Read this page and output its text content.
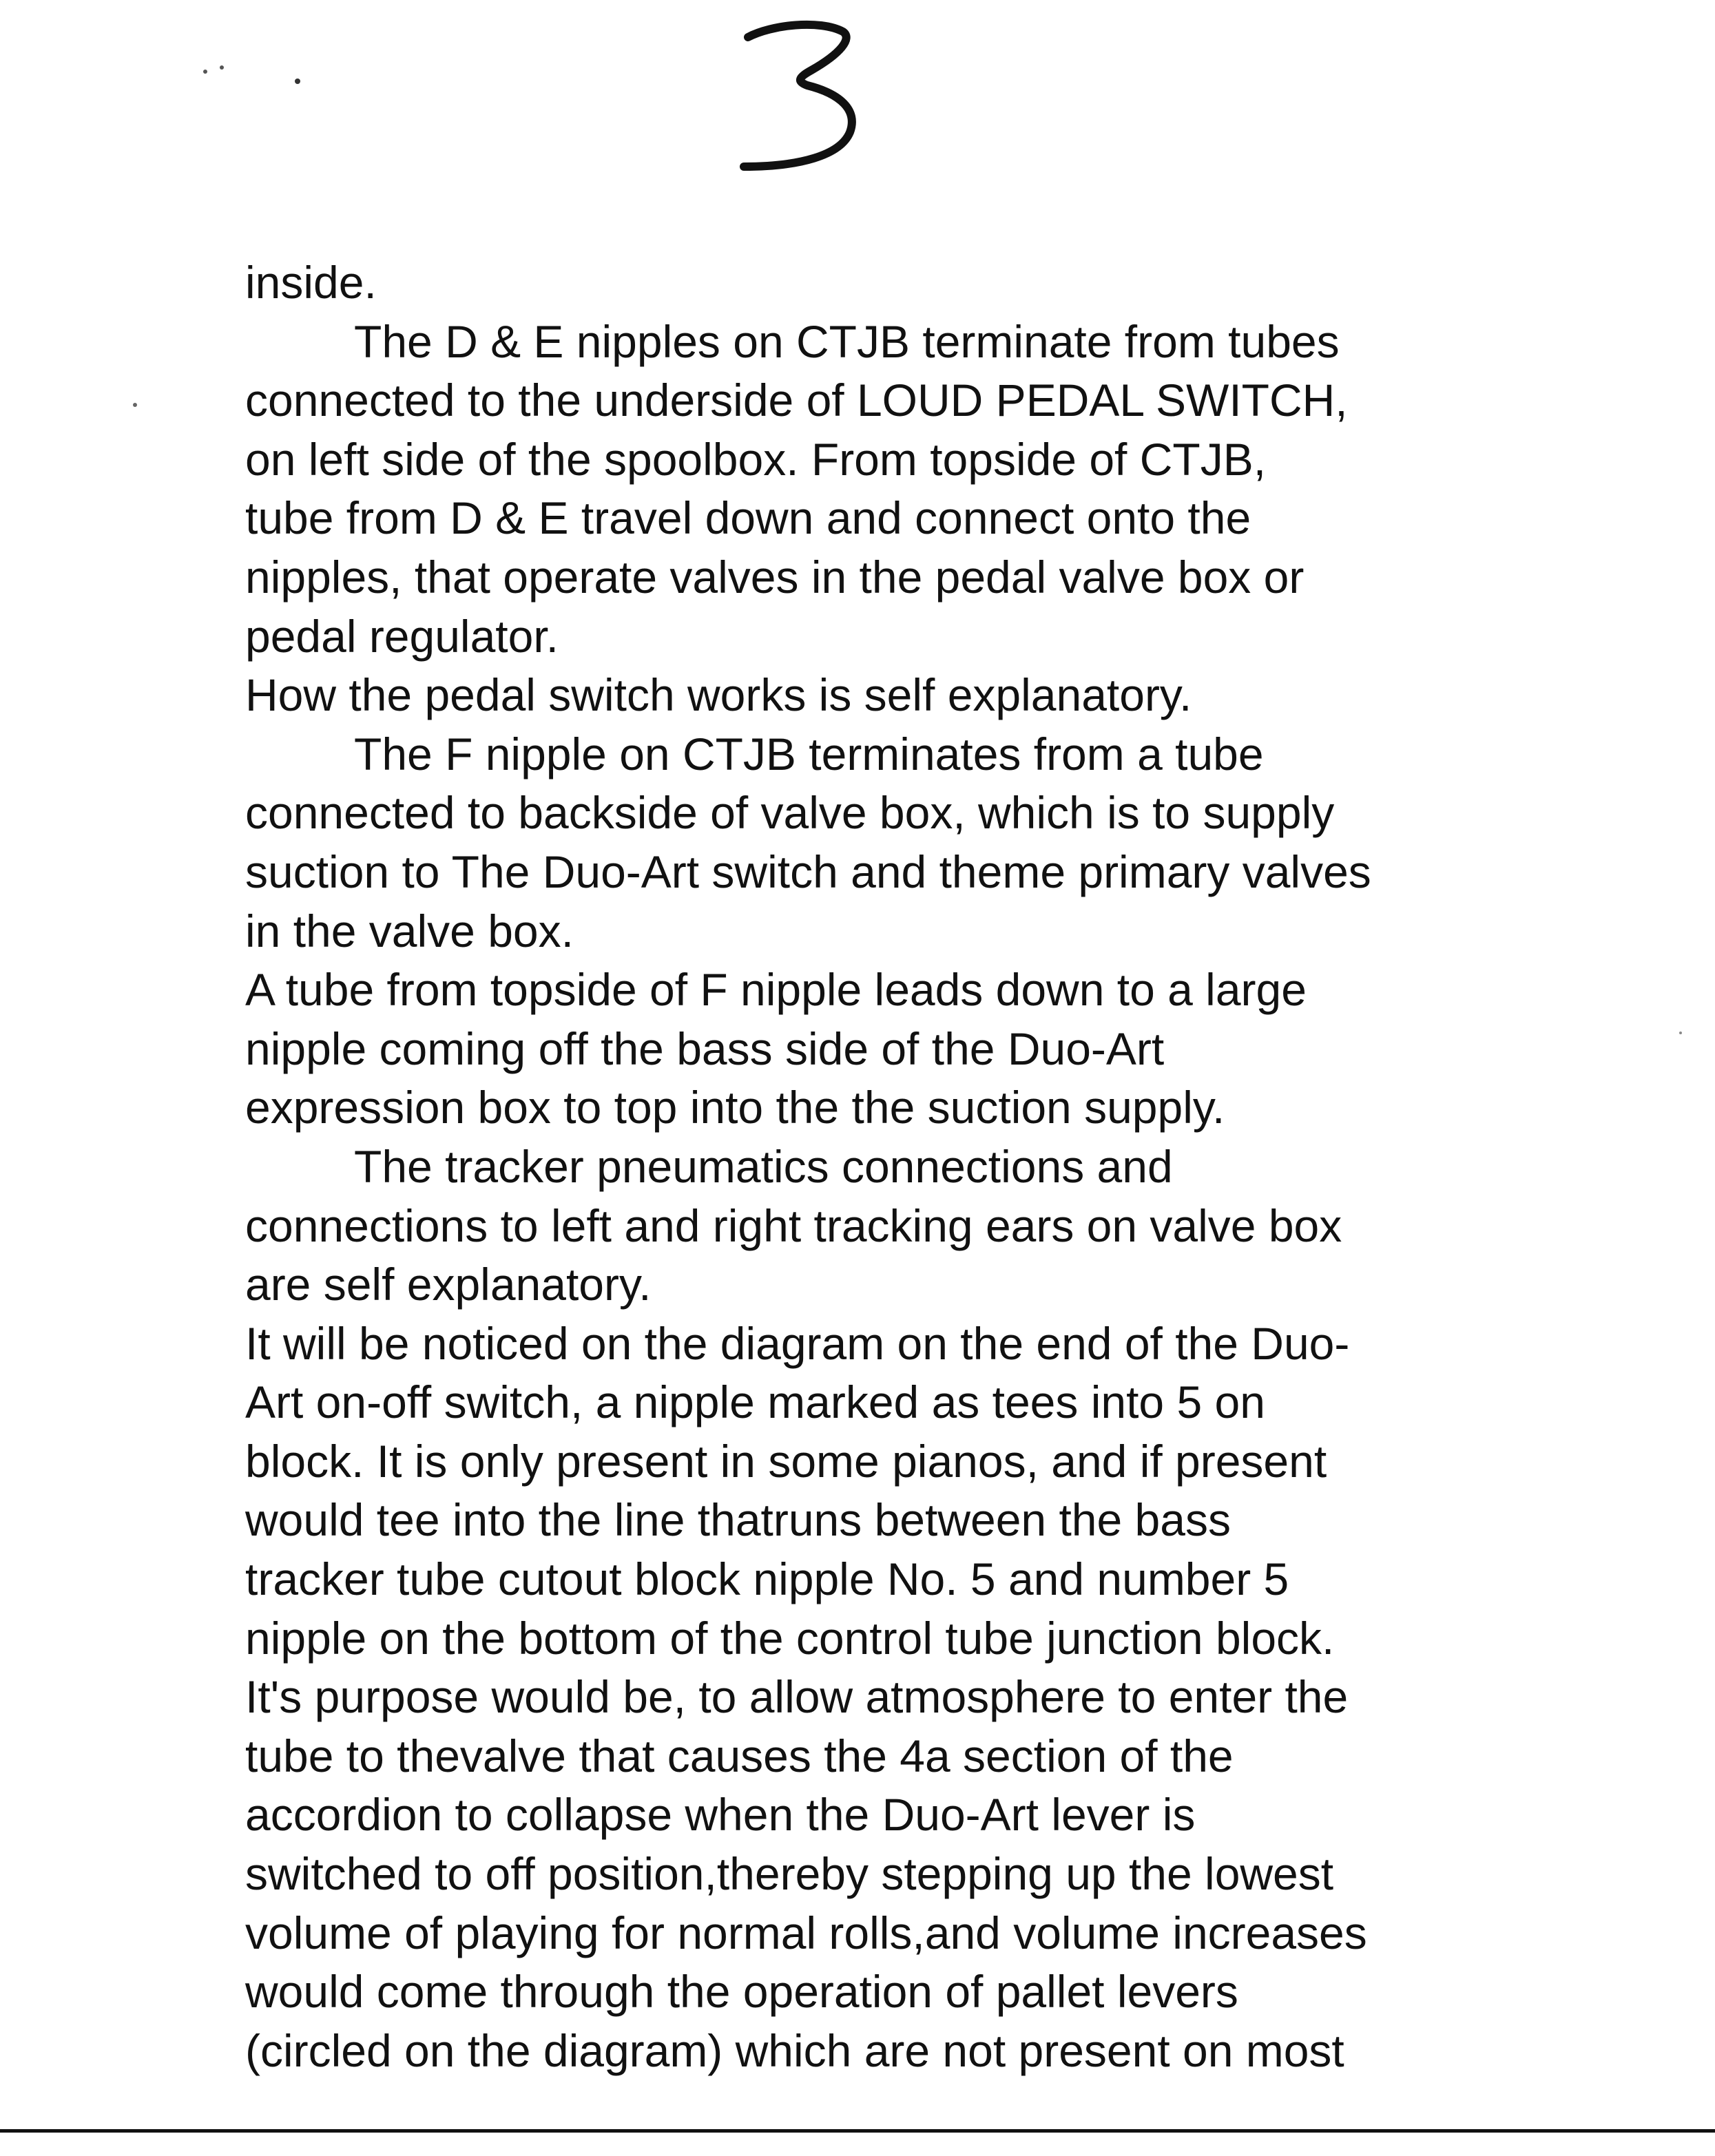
inside.
The D & E nipples on CTJB terminate from tubes
connected to the underside of LOUD PEDAL SWITCH,
on left side of the spoolbox. From topside of CTJB,
tube from D & E travel down and connect onto the
nipples, that operate valves in the pedal valve box or
pedal regulator.
How the pedal switch works is self explanatory.
The F nipple on CTJB terminates from a tube
connected to backside of valve box, which is to supply
suction to The Duo-Art switch and theme primary valves
in the valve box.
A tube from topside of F nipple leads down to a large
nipple coming off the bass side of the Duo-Art
expression box to top into the the suction supply.
The tracker pneumatics connections and
connections to left and right tracking ears on valve box
are self explanatory.
It will be noticed on the diagram on the end of the Duo-
Art on-off switch, a nipple marked as tees into 5 on
block. It is only present in some pianos, and if present
would tee into the line thatruns between the bass
tracker tube cutout block nipple No. 5 and number 5
nipple on the bottom of the control tube junction block.
It's purpose would be, to allow atmosphere to enter the
tube to thevalve that causes the 4a section of the
accordion to collapse when the Duo-Art lever is
switched to off position,thereby stepping up the lowest
volume of playing for normal rolls,and volume increases
would come through the operation of pallet levers
(circled on the diagram) which are not present on most
